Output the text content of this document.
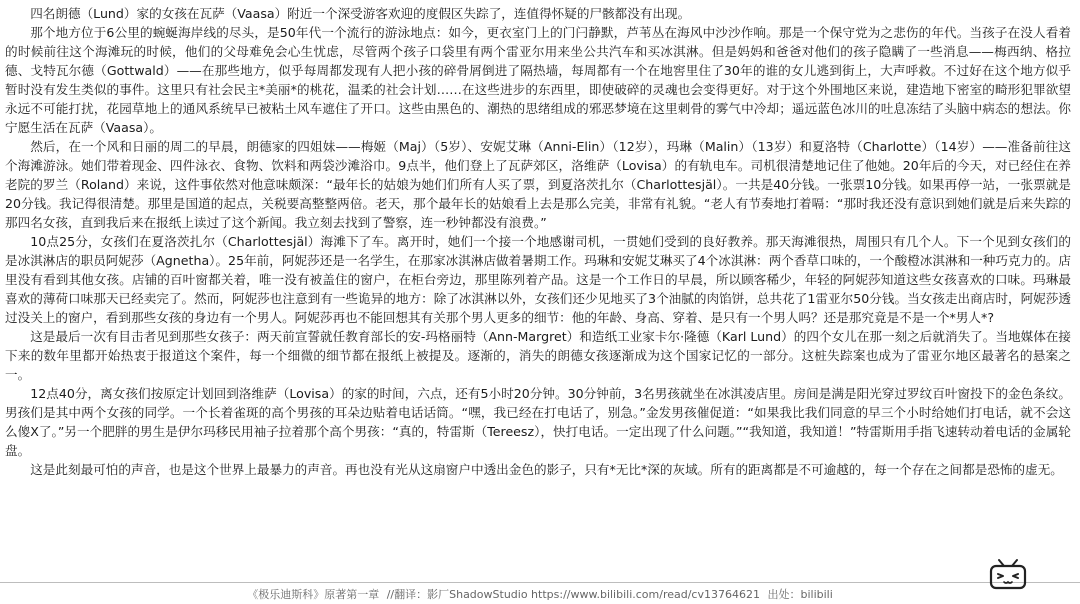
四名朗德（Lund）家的女孩在瓦萨（Vaasa）附近一个深受游客欢迎的度假区失踪了，连值得怀疑的尸骸都没有出现。

那个地方位于6公里的蜿蜒海岸线的尽头，是50年代一个流行的游泳地点：如今，更衣室门上的门闩静默，芦苇丛在海风中沙沙作响。那是一个保守党为之悲伤的年代。当孩子在没人看着的时候前往这个海滩玩的时候，他们的父母难免会心生忧虑，尽管两个孩子口袋里有两个雷亚尔用来坐公共汽车和买冰淇淋。但是妈妈和爸爸对他们的孩子隐瞒了一些消息——梅西纳、格拉德、戈特瓦尔德（Gottwald）——在那些地方，似乎每周都发现有人把小孩的碎骨屑倒进了隔热墙，每周都有一个在地窖里住了30年的谁的女儿逃到街上，大声呼救。不过好在这个地方似乎暂时没有发生类似的事件。这里只有社会民主*美丽*的桃花，温柔的社会计划……在这些进步的东西里，即使破碎的灵魂也会变得更好。对于这个外围地区来说，建造地下密室的畸形犯罪欲望永远不可能打扰，花园草地上的通风系统早已被粘土风车遮住了开口。这些由黑色的、潮热的思绪组成的邪恶梦境在这里刺骨的雾气中冷却；遥远蓝色冰川的吐息冻结了头脑中病态的想法。你宁愿生活在瓦萨（Vaasa）。

然后，在一个风和日丽的周二的早晨，朗德家的四姐妹——梅姬（Maj）（5岁）、安妮艾琳（Anni-Elin）（12岁），玛琳（Malin）（13岁）和夏洛特（Charlotte）（14岁）——准备前往这个海滩游泳。她们带着现金、四件泳衣、食物、饮料和两袋沙滩浴巾。9点半，他们登上了瓦萨郊区，洛维萨（Lovisa）的有轨电车。司机很清楚地记住了他她。20年后的今天，对已经住在养老院的罗兰（Roland）来说，这件事依然对他意味颇深：“最年长的姑娘为她们们所有人买了票，到夏洛茨扎尔（Charlottesjäl）。一共是40分钱。一张票10分钱。如果再停一站，一张票就是20分钱。我记得很清楚。那里是国道的起点，关税要高整整两倍。老天，那个最年长的姑娘看上去是那么完美，非常有礼貌。“老人有节奏地打着嗝：“那时我还没有意识到她们就是后来失踪的那四名女孩，直到我后来在报纸上读过了这个新闻。我立刻去找到了警察，连一秒钟都没有浪费。”

10点25分，女孩们在夏洛茨扎尔（Charlottesjäl）海滩下了车。离开时，她们一个接一个地感谢司机，一贯她们受到的良好教养。那天海滩很热，周围只有几个人。下一个见到女孩们的是冰淇淋店的职员阿妮莎（Agnetha）。25年前，阿妮莎还是一名学生，在那家冰淇淋店做着暑期工作。玛琳和安妮艾琳买了4个冰淇淋：两个香草口味的，一个酸橙冰淇淋和一种巧克力的。店里没有看到其他女孩。店铺的百叶窗都关着，唯一没有被盖住的窗户，在柜台旁边，那里陈列着产品。这是一个工作日的早晨，所以顾客稀少，年轻的阿妮莎知道这些女孩喜欢的口味。玛琳最喜欢的薄荷口味那天已经卖完了。然而，阿妮莎也注意到有一些诡异的地方：除了冰淇淋以外，女孩们还少见地买了3个油腻的肉馅饼，总共花了1雷亚尔50分钱。当女孩走出商店时，阿妮莎透过没关上的窗户，看到那些女孩的身边有一个男人。阿妮莎再也不能回想其有关那个男人更多的细节：他的年龄、身高、穿着、是只有一个男人吗？还是那究竟是不是一个*男人*?

这是最后一次有目击者见到那些女孩子：两天前宣誓就任教育部长的安-玛格丽特（Ann-Margret）和造纸工业家卡尔·隆德（Karl Lund）的四个女儿在那一刻之后就消失了。当地媒体在接下来的数年里都开始热衷于报道这个案件，每一个细微的细节都在报纸上被提及。逐渐的，消失的朗德女孩逐渐成为这个国家记忆的一部分。这桩失踪案也成为了雷亚尔地区最著名的悬案之一。

12点40分，离女孩们按原定计划回到洛维萨（Lovisa）的家的时间，六点，还有5小时20分钟。30分钟前，3名男孩就坐在冰淇凌店里。房间是满是阳光穿过罗纹百叶窗投下的金色条纹。男孩们是其中两个女孩的同学。一个长着雀斑的高个男孩的耳朵边贴着电话话筒。“嘿，我已经在打电话了，别急。”金发男孩催促道：“如果我比我们同意的早三个小时给她们打电话，就不会这么傻X了。”另一个肥胖的男生是伊尔玛移民用袖子拉着那个高个男孩：“真的，特雷斯（Tereesz），快打电话。一定出现了什么问题。”“我知道，我知道！”特雷斯用手指飞速转动着电话的金属轮盘。

这是此刻最可怕的声音，也是这个世界上最暴力的声音。再也没有光从这扇窗户中透出金色的影子，只有*无比*深的灰域。所有的距离都是不可逾越的，每一个存在之间都是恐怖的虚无。

《极乐迪斯科》原著第一章 //翻译：影厂ShadowStudio https://www.bilibili.com/read/cv13764621 出处：bilibili
